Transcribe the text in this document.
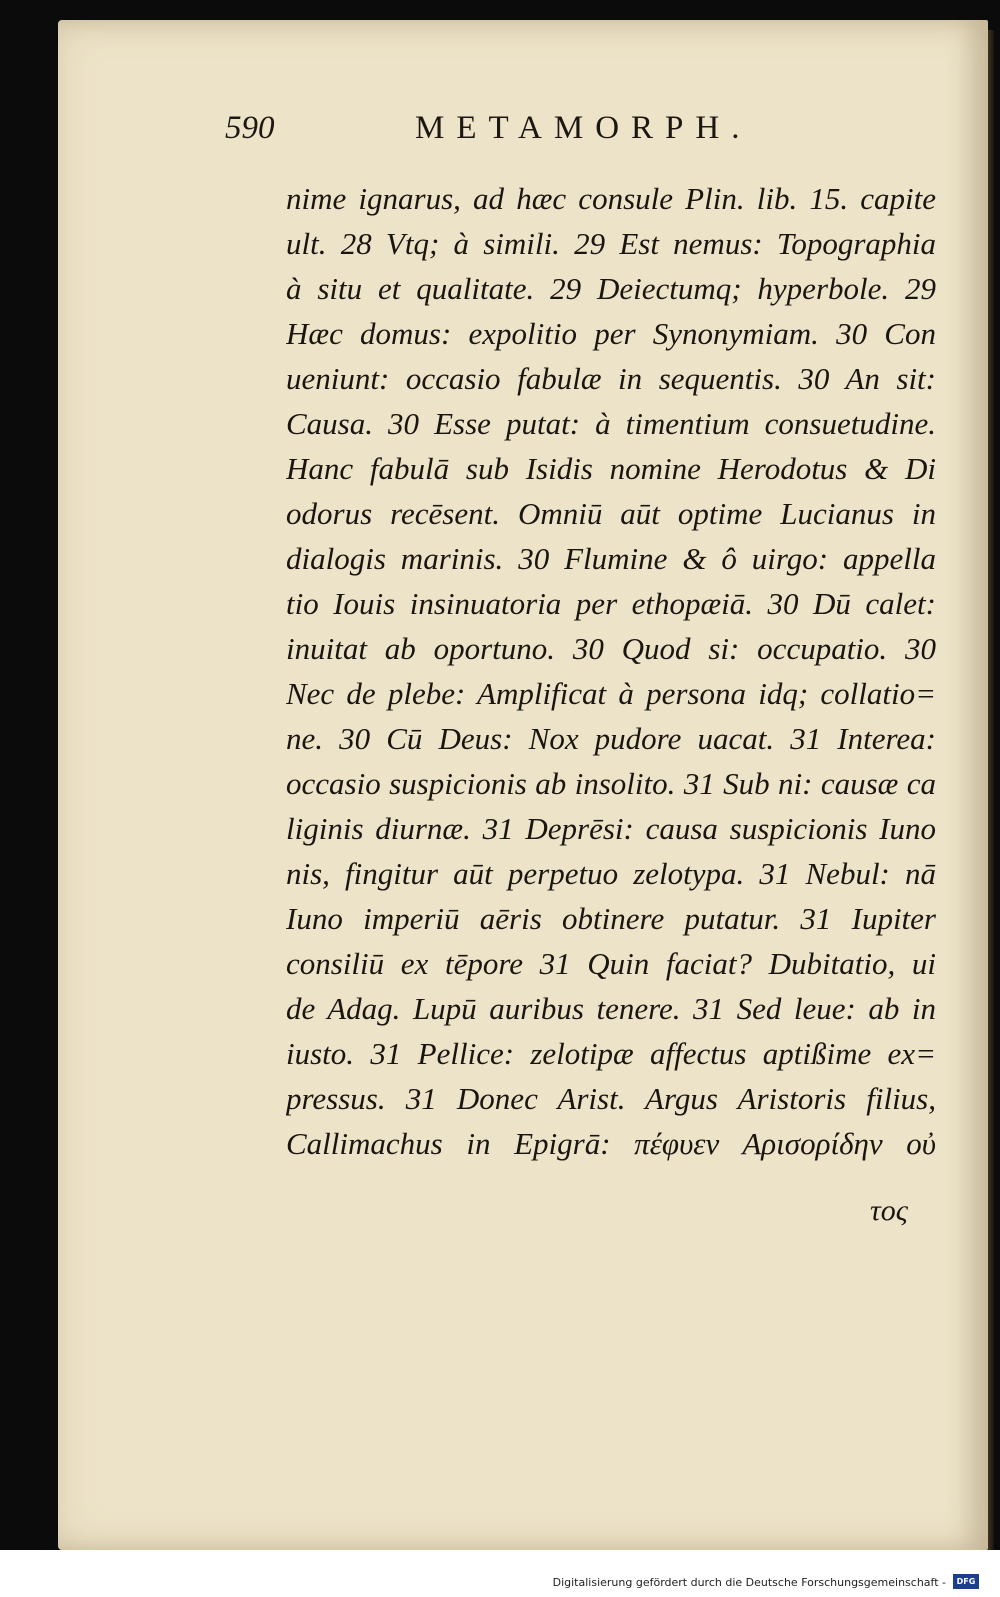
590	METAMORPH.
nime ignarus, ad hæc consule Plin. lib. 15. capite
ult. 28 Vtq; à simili. 29 Est nemus: Topographia
à situ et qualitate. 29 Deiectumq; hyperbole. 29
Hæc domus: expolitio per Synonymiam. 30 Con
ueniunt: occasio fabulæ in sequentis. 30 An sit:
Causa. 30 Esse putat: à timentium consuetudine.
Hanc fabulā sub Isidis nomine Herodotus & Di
odorus recēsent. Omniū aūt optime Lucianus in
dialogis marinis. 30 Flumine & ô uirgo: appella
tio Iouis insinuatoria per ethopæiā. 30 Dū calet:
inuitat ab oportuno. 30 Quod si: occupatio. 30
Nec de plebe: Amplificat à persona idq; collatio=
ne. 30 Cū Deus: Nox pudore uacat. 31 Interea:
occasio suspicionis ab insolito. 31 Sub ni: causæ ca
liginis diurnæ. 31 Deprēsi: causa suspicionis Iuno
nis, fingitur aūt perpetuo zelotypa. 31 Nebul: nā
Iuno imperiū aēris obtinere putatur. 31 Iupiter
consiliū ex tēpore 31 Quin faciat? Dubitatio, ui
de Adag. Lupū auribus tenere. 31 Sed leue: ab in
iusto. 31 Pellice: zelotipæ affectus aptißime ex=
pressus. 31 Donec Arist. Argus Aristoris filius,
Callimachus in Epigrā: πέφυεν Αρισορίδην οὐ
τος
Digitalisierung gefördert durch die Deutsche Forschungsgemeinschaft -	DFG
